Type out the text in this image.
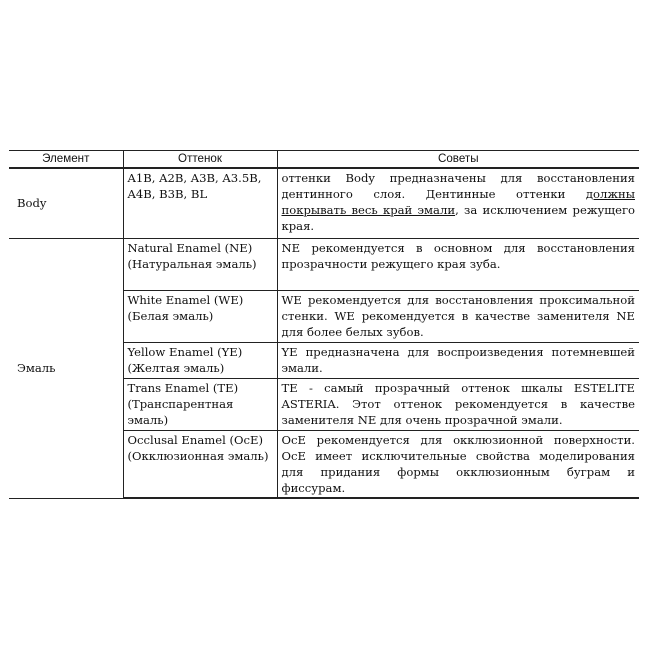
Элемент	Оттенок	Советы
Body	A1B, A2B, A3B, A3.5B, A4B, B3B, BL	оттенки Body предназначены для восстановления дентинного слоя. Дентинные оттенки должны покрывать весь край эмали, за исключением режущего края.
Эмаль	Natural Enamel (NE) (Натуральная эмаль)	NE рекомендуется в основном для восстановления прозрачности режущего края зуба.
	White Enamel (WE) (Белая эмаль)	WE рекомендуется для восстановления проксимальной стенки. WE рекомендуется в качестве заменителя NE для более белых зубов.
	Yellow Enamel (YE) (Желтая эмаль)	YE предназначена для воспроизведения потемневшей эмали.
	Trans Enamel (TE) (Транспарентная эмаль)	TE - самый прозрачный оттенок шкалы ESTELITE ASTERIA. Этот оттенок рекомендуется в качестве заменителя NE для очень прозрачной эмали.
	Occlusal Enamel (OcE) (Окклюзионная эмаль)	OcE рекомендуется для окклюзионной поверхности. OcE имеет исключительные свойства моделирования для придания формы окклюзионным буграм и фиссурам.
